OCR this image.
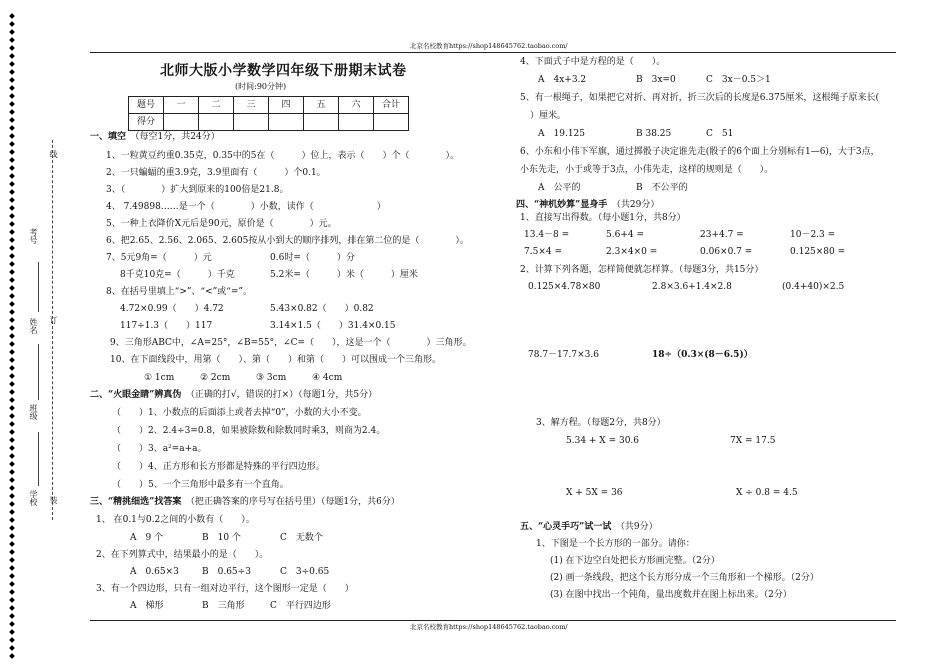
北京名校教育https://shop148645762.taobao.com/
北京名校教育https://shop148645762.taobao.com/
线
考号
姓名 订
班级
学校 装
北师大版小学数学四年级下册期末试卷
(时间:90分钟)
题号	一	二	三	四	五	六	合计
得分							
一、填空　 （每空1分，共24分）
1、一粒黄豆约重0.35克，0.35中的5在（　　　）位上，表示（　　）个（　　　　）。
2、一只蝙蝠的重3.9克，3.9里面有（　　　）个0.1。
3、（　　　　）扩大到原来的100倍是21.8。
4、 7.49898……是一个（　　　　）小数，读作（　　　　　　　）
5、一种上衣降价X元后是90元，原价是（　　　　）元。
6、把2.65、2.56、2.065、2.605按从小到大的顺序排列，排在第二位的是（　　　　）。
7、5元9角=（　　　）元	0.6时=（　　　）分
8千克10克=（　　　）千克	5.2米=（　　　）米（　　　）厘米
8、在括号里填上“>”、“<”或“=”。
4.72×0.99（　　）4.72	5.43×0.82（　　）0.82
117÷1.3（　　）117	3.14×1.5（　　）31.4×0.15
9、三角形ABC中，∠A=25°，∠B=55°，∠C=（　　），这是一个（　　　　）三角形。
10、在下面线段中，用第（　　）、第（　　）和第（　　）可以围成一个三角形。
① 1cm	② 2cm	③ 3cm	④ 4cm
二、“火眼金睛”辨真伪　 （正确的打√，错误的打×）（每题1分，共5分）
（　　）1、小数点的后面添上或者去掉“0”，小数的大小不变。
（　　）2、2.4÷3=0.8，如果被除数和除数同时乘3，则商为2.4。
（　　）3、a²=a+a。
（　　）4、正方形和长方形都是特殊的平行四边形。
（　　）5、一个三角形中最多有一个直角。
三、“精挑细选”找答案　 （把正确答案的序号写在括号里）（每题1分，共6分）
1、 在0.1与0.2之间的小数有（　　）。
A　9 个	B　10 个	C　无数个
2、在下列算式中，结果最小的是（　　）。
A　0.65×3	B　0.65÷3	C　3÷0.65
3、有一个四边形，只有一组对边平行，这个图形一定是（　　）
A　梯形	B　三角形	C　平行四边形
4、下面式子中是方程的是（　　）。
A　4x+3.2	B　3x=0	C　3x－0.5＞1
5、有一根绳子，如果把它对折、再对折，折三次后的长度是6.375厘米，这根绳子原来长(
）厘米。
A　19.125	B 38.25	C　51
6、小东和小伟下军旗，通过掷骰子决定谁先走(骰子的6个面上分别标有1—6)，大于3点，
小东先走，小于或等于3点，小伟先走，这样的规则是（　　）。
A　公平的	B　不公平的
四、“神机妙算”显身手　 （共29分）
1、直接写出得数。（每小题1分，共8分）
13.4－8 =	5.6+4 =	23+4.7 =	10－2.3 =
7.5×4 =	2.3×4×0 =	0.06×0.7 =	0.125×80 =
2、计算下列各题，怎样简便就怎样算。（每题3分，共15分）
0.125×4.78×80	2.8×3.6+1.4×2.8	(0.4+40)×2.5
78.7－17.7×3.6	18÷（0.3×(8－6.5)）
3、解方程。（每题2分，共8分）
5.34 + X = 30.6	7X = 17.5
X + 5X = 36	X ÷ 0.8 = 4.5
五、“心灵手巧”试一试　 （共9分）
1、下图是一个长方形的一部分。请你：
(1) 在下边空白处把长方形画完整。（2分）
(2) 画一条线段，把这个长方形分成一个三角形和一个梯形。（2分）
(3) 在图中找出一个钝角，量出度数并在图上标出来。（2分）
